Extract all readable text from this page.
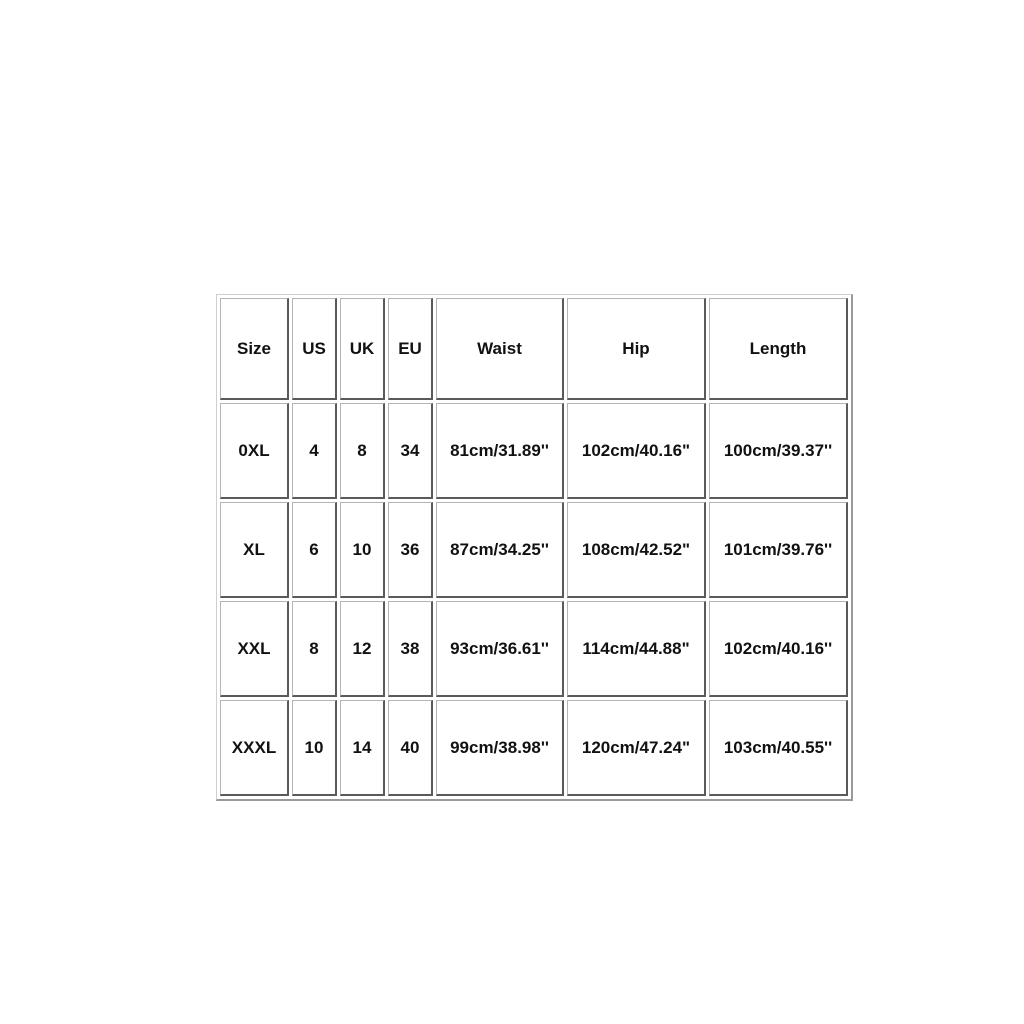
Size	US	UK	EU	Waist	Hip	Length
0XL	4	8	34	81cm/31.89''	102cm/40.16"	100cm/39.37''
XL	6	10	36	87cm/34.25''	108cm/42.52"	101cm/39.76''
XXL	8	12	38	93cm/36.61''	114cm/44.88"	102cm/40.16''
XXXL	10	14	40	99cm/38.98''	120cm/47.24"	103cm/40.55''
